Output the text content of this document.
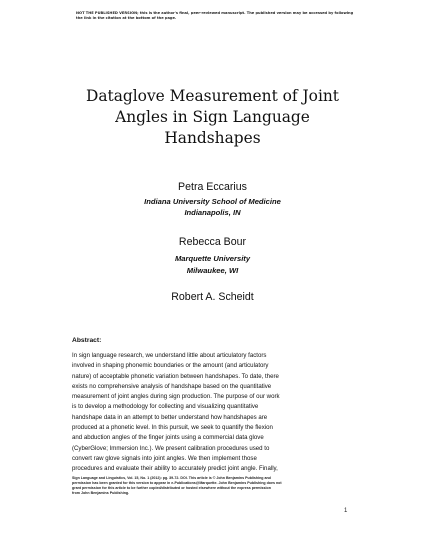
NOT THE PUBLISHED VERSION; this is the author's final, peer-reviewed manuscript. The published version may be accessed by following the link in the citation at the bottom of the page.
Dataglove Measurement of Joint
Angles in Sign Language
Handshapes
Petra Eccarius
Indiana University School of Medicine
Indianapolis, IN
Rebecca Bour
Marquette University
Milwaukee, WI
Robert A. Scheidt
Abstract:
In sign language research, we understand little about articulatory factors
involved in shaping phonemic boundaries or the amount (and articulatory
nature) of acceptable phonetic variation between handshapes. To date, there
exists no comprehensive analysis of handshape based on the quantitative
measurement of joint angles during sign production. The purpose of our work
is to develop a methodology for collecting and visualizing quantitative
handshape data in an attempt to better understand how handshapes are
produced at a phonetic level. In this pursuit, we seek to quantify the flexion
and abduction angles of the finger joints using a commercial data glove
(CyberGlove; Immersion Inc.). We present calibration procedures used to
convert raw glove signals into joint angles. We then implement those
procedures and evaluate their ability to accurately predict joint angle. Finally,
Sign Language and Linguistics, Vol. 15, No. 1 (2012): pg. 39-72. DOI. This article is © John Benjamins Publishing and
permission has been granted for this version to appear in e-Publications@Marquette. John Benjamins Publishing does not
grant permission for this article to be further copied/distributed or hosted elsewhere without the express permission
from John Benjamins Publishing.
1
